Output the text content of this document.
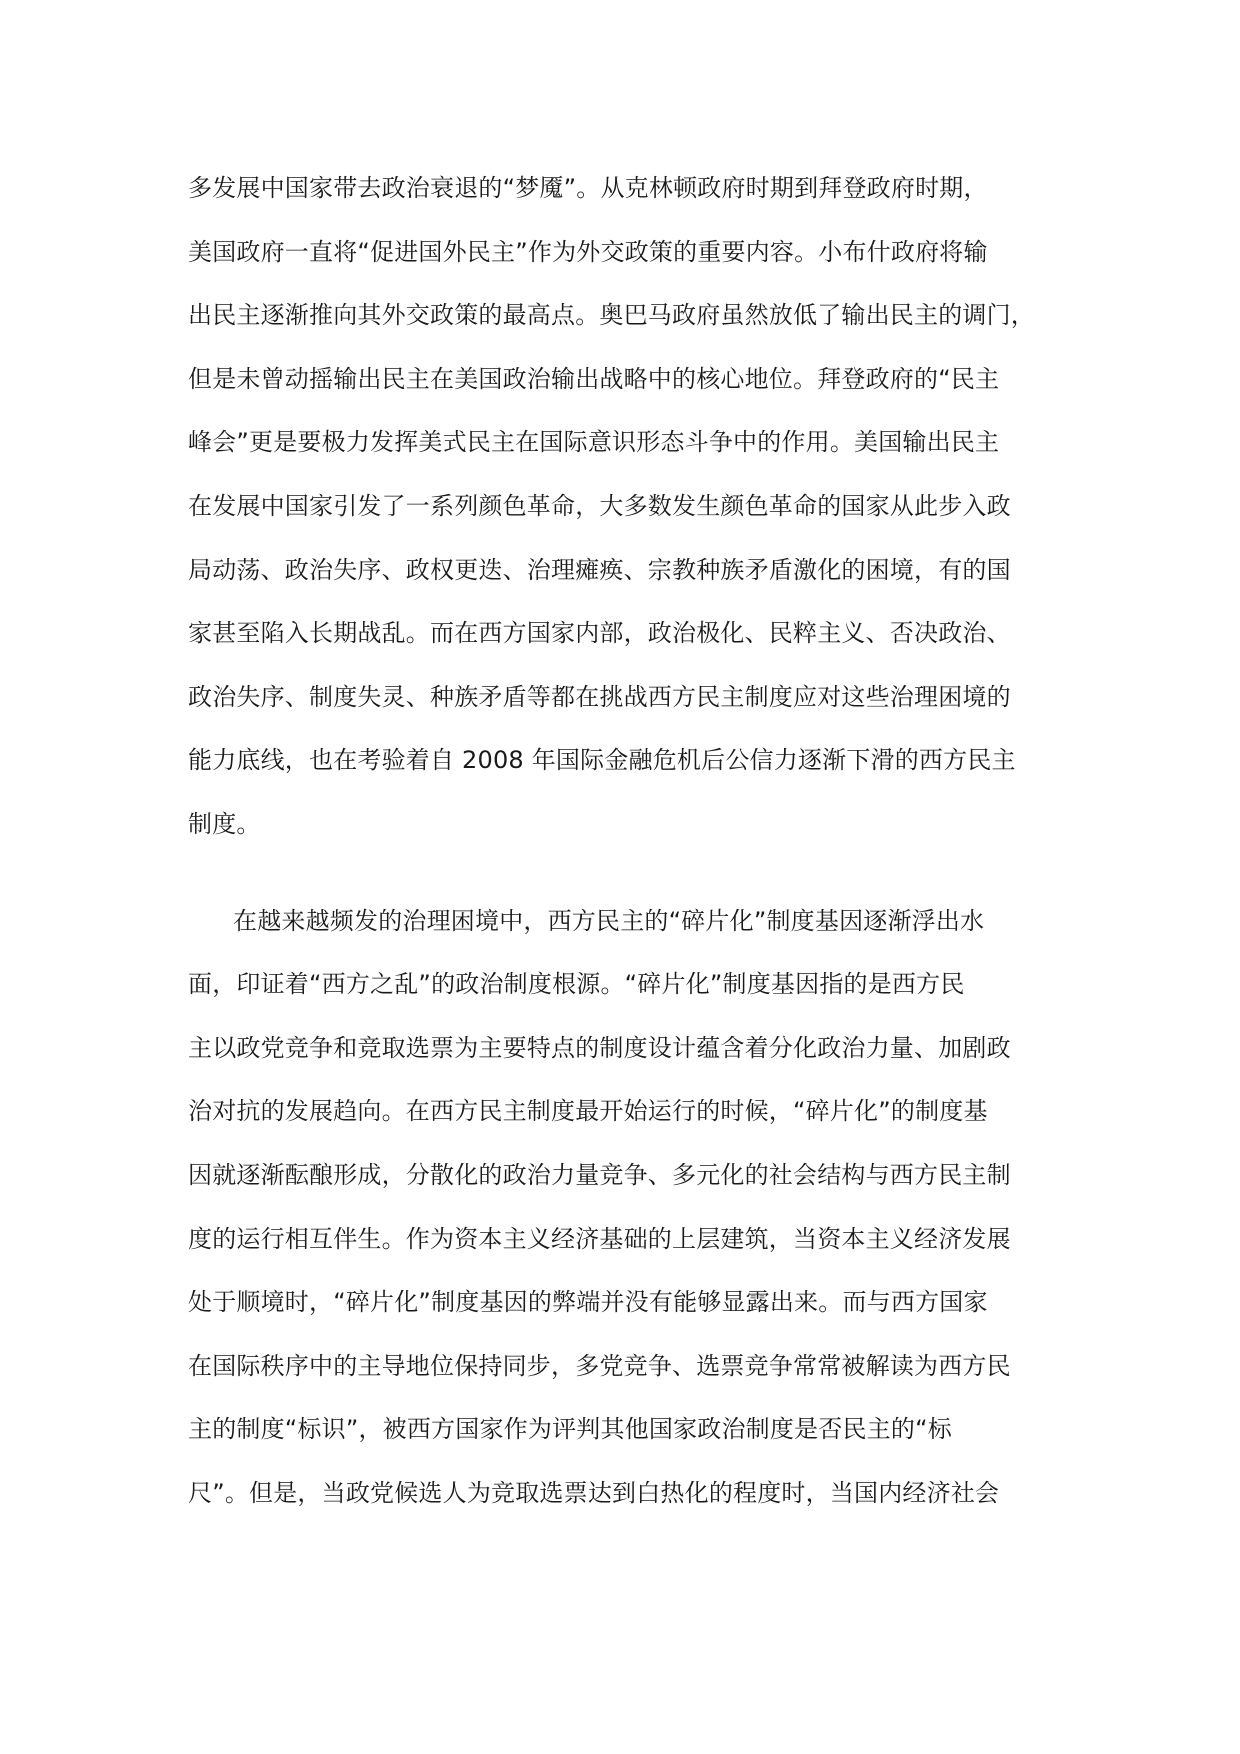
多发展中国家带去政治衰退的“梦魇”。从克林顿政府时期到拜登政府时期，
美国政府一直将“促进国外民主”作为外交政策的重要内容。小布什政府将输
出民主逐渐推向其外交政策的最高点。奥巴马政府虽然放低了输出民主的调门，
但是未曾动摇输出民主在美国政治输出战略中的核心地位。拜登政府的“民主
峰会”更是要极力发挥美式民主在国际意识形态斗争中的作用。美国输出民主
在发展中国家引发了一系列颜色革命，大多数发生颜色革命的国家从此步入政
局动荡、政治失序、政权更迭、治理瘫痪、宗教种族矛盾激化的困境，有的国
家甚至陷入长期战乱。而在西方国家内部，政治极化、民粹主义、否决政治、
政治失序、制度失灵、种族矛盾等都在挑战西方民主制度应对这些治理困境的
能力底线，也在考验着自 2008 年国际金融危机后公信力逐渐下滑的西方民主
制度。
在越来越频发的治理困境中，西方民主的“碎片化”制度基因逐渐浮出水
面，印证着“西方之乱”的政治制度根源。“碎片化”制度基因指的是西方民
主以政党竞争和竞取选票为主要特点的制度设计蕴含着分化政治力量、加剧政
治对抗的发展趋向。在西方民主制度最开始运行的时候，“碎片化”的制度基
因就逐渐酝酿形成，分散化的政治力量竞争、多元化的社会结构与西方民主制
度的运行相互伴生。作为资本主义经济基础的上层建筑，当资本主义经济发展
处于顺境时，“碎片化”制度基因的弊端并没有能够显露出来。而与西方国家
在国际秩序中的主导地位保持同步，多党竞争、选票竞争常常被解读为西方民
主的制度“标识”，被西方国家作为评判其他国家政治制度是否民主的“标
尺”。但是，当政党候选人为竞取选票达到白热化的程度时，当国内经济社会
